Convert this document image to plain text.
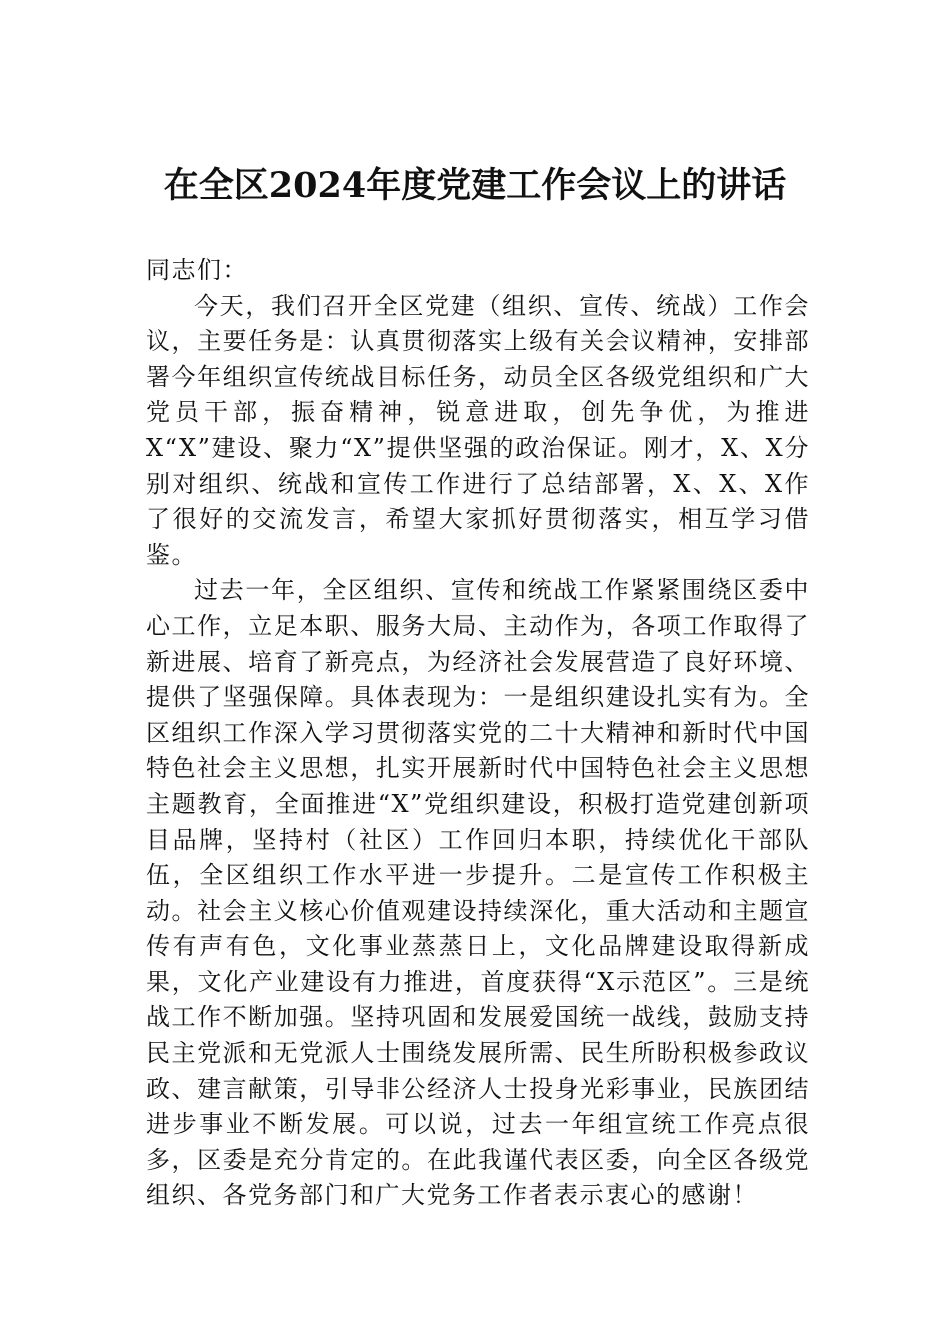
在全区2024年度党建工作会议上的讲话

同志们：

今天，我们召开全区党建（组织、宣传、统战）工作会议，主要任务是：认真贯彻落实上级有关会议精神，安排部署今年组织宣传统战目标任务，动员全区各级党组织和广大党员干部，振奋精神，锐意进取，创先争优，为推进X“X”建设、聚力“X”提供坚强的政治保证。刚才，X、X分别对组织、统战和宣传工作进行了总结部署，X、X、X作了很好的交流发言，希望大家抓好贯彻落实，相互学习借鉴。

过去一年，全区组织、宣传和统战工作紧紧围绕区委中心工作，立足本职、服务大局、主动作为，各项工作取得了新进展、培育了新亮点，为经济社会发展营造了良好环境、提供了坚强保障。具体表现为：一是组织建设扎实有为。全区组织工作深入学习贯彻落实党的二十大精神和新时代中国特色社会主义思想，扎实开展新时代中国特色社会主义思想主题教育，全面推进“X”党组织建设，积极打造党建创新项目品牌，坚持村（社区）工作回归本职，持续优化干部队伍，全区组织工作水平进一步提升。二是宣传工作积极主动。社会主义核心价值观建设持续深化，重大活动和主题宣传有声有色，文化事业蒸蒸日上，文化品牌建设取得新成果，文化产业建设有力推进，首度获得“X示范区”。三是统战工作不断加强。坚持巩固和发展爱国统一战线，鼓励支持民主党派和无党派人士围绕发展所需、民生所盼积极参政议政、建言献策，引导非公经济人士投身光彩事业，民族团结进步事业不断发展。可以说，过去一年组宣统工作亮点很多，区委是充分肯定的。在此我谨代表区委，向全区各级党组织、各党务部门和广大党务工作者表示衷心的感谢！
